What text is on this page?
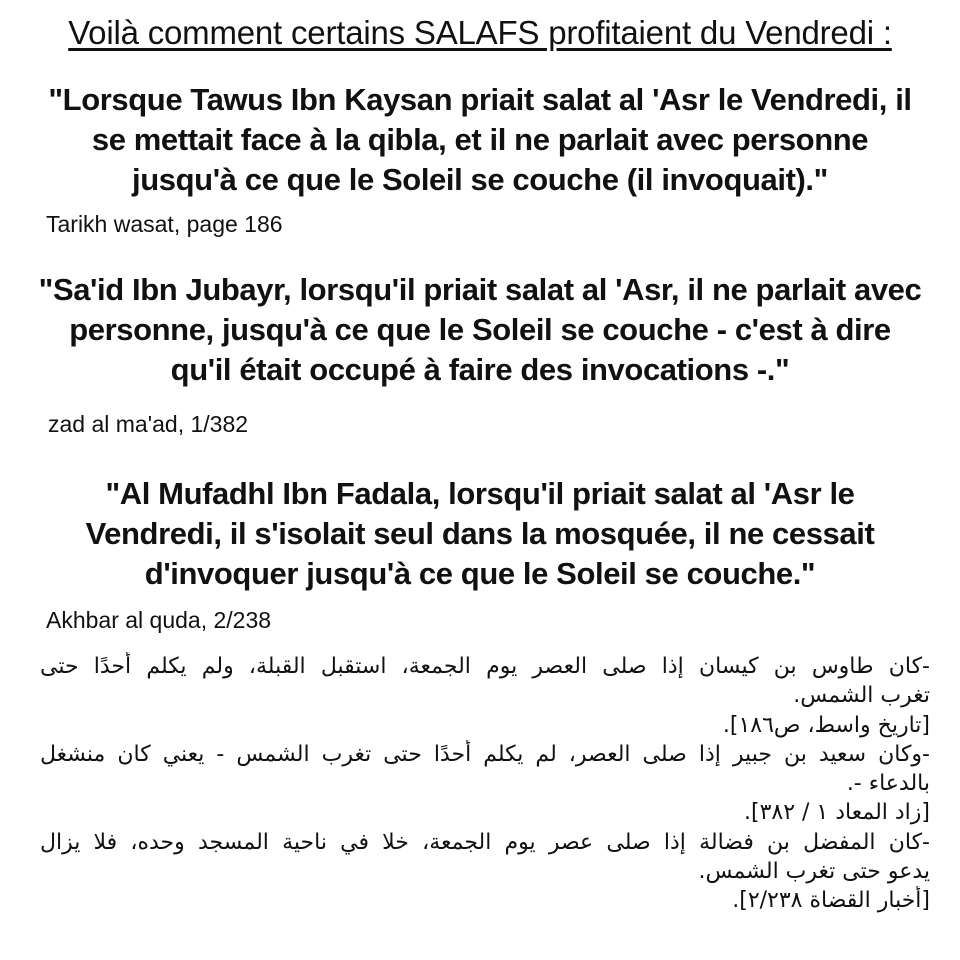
Voilà comment certains SALAFS profitaient du Vendredi :
"Lorsque Tawus Ibn Kaysan priait salat al 'Asr le Vendredi, il
se mettait face à la qibla, et il ne parlait avec personne
jusqu'à ce que le Soleil se couche (il invoquait)."
Tarikh wasat, page 186
"Sa'id Ibn Jubayr, lorsqu'il priait salat al 'Asr, il ne parlait avec
personne, jusqu'à ce que le Soleil se couche - c'est à dire
qu'il était occupé à faire des invocations -."
zad al ma'ad, 1/382
"Al Mufadhl Ibn Fadala, lorsqu'il priait salat al 'Asr le
Vendredi, il s'isolait seul dans la mosquée, il ne cessait
d'invoquer jusqu'à ce que le Soleil se couche."
Akhbar al quda, 2/238
-كان طاوس بن كيسان إذا صلى العصر يوم الجمعة، استقبل القبلة، ولم يكلم أحدًا حتى
تغرب الشمس.
[تاريخ واسط، ص١٨٦].
-وكان سعيد بن جبير إذا صلى العصر، لم يكلم أحدًا حتى تغرب الشمس - يعني كان منشغل
بالدعاء -.
[زاد المعاد ١ / ٣٨٢].
-كان المفضل بن فضالة إذا صلى عصر يوم الجمعة، خلا في ناحية المسجد وحده، فلا يزال
يدعو حتى تغرب الشمس.
[أخبار القضاة ٢/٢٣٨].
